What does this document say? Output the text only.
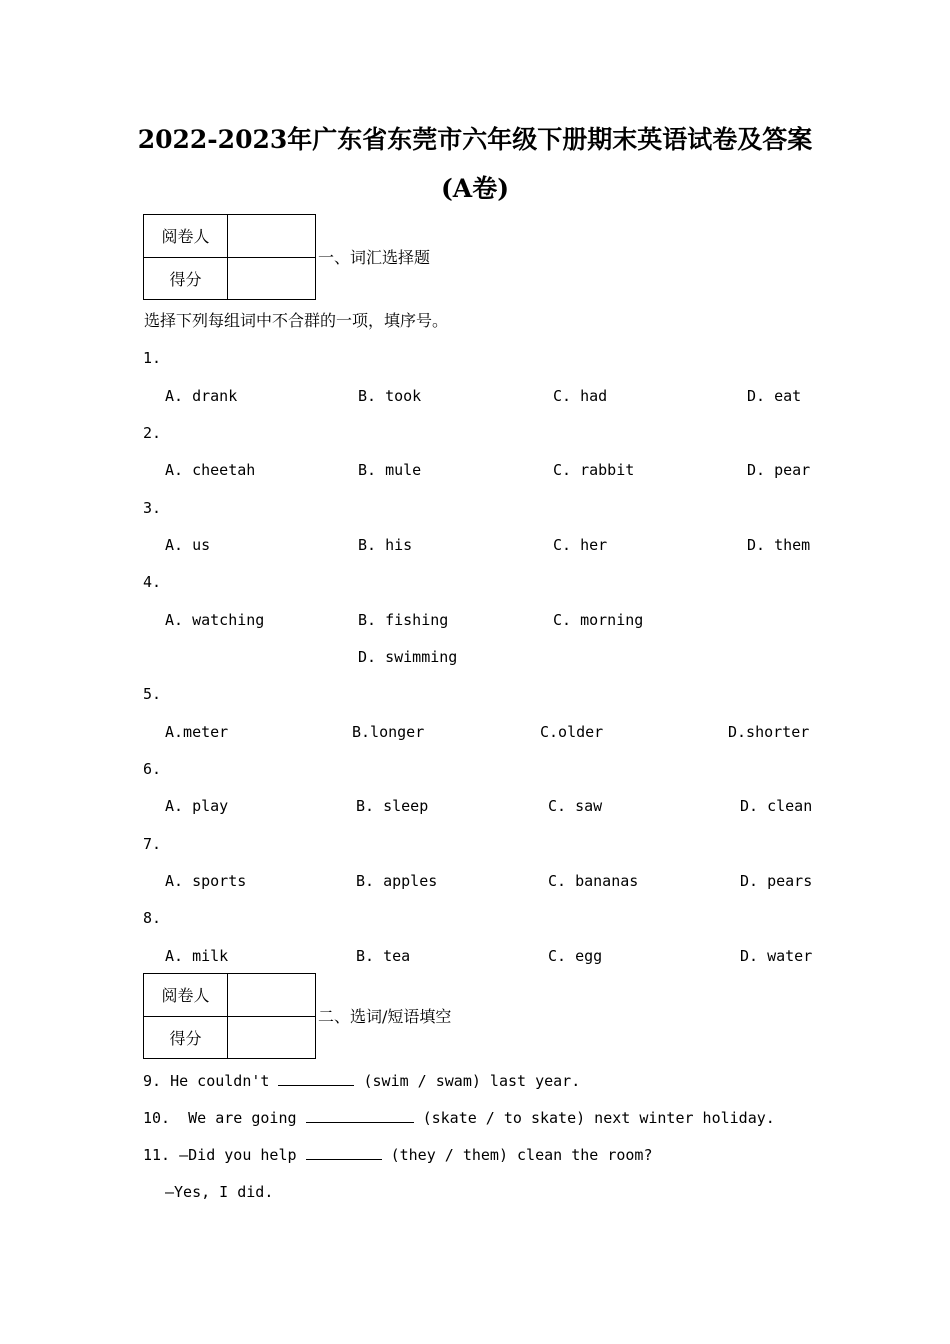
2022-2023年广东省东莞市六年级下册期末英语试卷及答案
(A卷)
阅卷人	
得分	
一、词汇选择题
选择下列每组词中不合群的一项，填序号。
1.
A. drank	B. took	C. had	D. eat
2.
A. cheetah	B. mule	C. rabbit	D. pear
3.
A. us	B. his	C. her	D. them
4.
A. watching	B. fishing	C. morning
D. swimming
5.
A.meter	B.longer	C.older	D.shorter
6.
A. play	B. sleep	C. saw	D. clean
7.
A. sports	B. apples	C. bananas	D. pears
8.
A. milk	B. tea	C. egg	D. water
阅卷人	
得分	
二、选词/短语填空
9. He couldn't	(swim / swam) last year.
10.  We are going	(skate / to skate) next winter holiday.
11. —Did you help	(they / them) clean the room?
—Yes, I did.
